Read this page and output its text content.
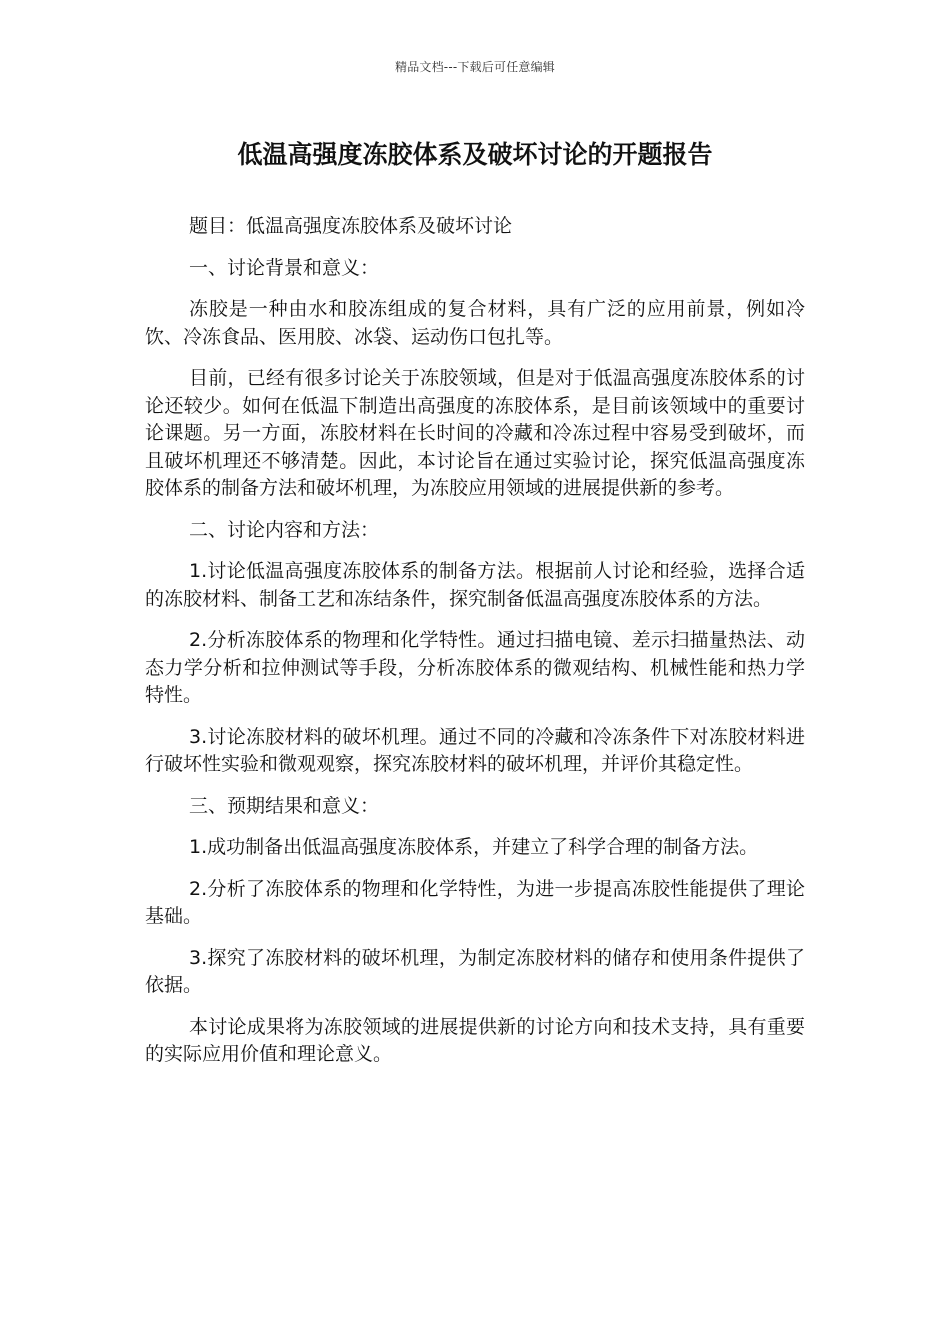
精品文档---下载后可任意编辑
低温高强度冻胶体系及破坏讨论的开题报告

题目：低温高强度冻胶体系及破坏讨论

一、讨论背景和意义：

冻胶是一种由水和胶冻组成的复合材料，具有广泛的应用前景，例如冷饮、冷冻食品、医用胶、冰袋、运动伤口包扎等。

目前，已经有很多讨论关于冻胶领域，但是对于低温高强度冻胶体系的讨论还较少。如何在低温下制造出高强度的冻胶体系，是目前该领域中的重要讨论课题。另一方面，冻胶材料在长时间的冷藏和冷冻过程中容易受到破坏，而且破坏机理还不够清楚。因此，本讨论旨在通过实验讨论，探究低温高强度冻胶体系的制备方法和破坏机理，为冻胶应用领域的进展提供新的参考。

二、讨论内容和方法：

1.讨论低温高强度冻胶体系的制备方法。根据前人讨论和经验，选择合适的冻胶材料、制备工艺和冻结条件，探究制备低温高强度冻胶体系的方法。

2.分析冻胶体系的物理和化学特性。通过扫描电镜、差示扫描量热法、动态力学分析和拉伸测试等手段，分析冻胶体系的微观结构、机械性能和热力学特性。

3.讨论冻胶材料的破坏机理。通过不同的冷藏和冷冻条件下对冻胶材料进行破坏性实验和微观观察，探究冻胶材料的破坏机理，并评价其稳定性。

三、预期结果和意义：

1.成功制备出低温高强度冻胶体系，并建立了科学合理的制备方法。

2.分析了冻胶体系的物理和化学特性，为进一步提高冻胶性能提供了理论基础。

3.探究了冻胶材料的破坏机理，为制定冻胶材料的储存和使用条件提供了依据。

本讨论成果将为冻胶领域的进展提供新的讨论方向和技术支持，具有重要的实际应用价值和理论意义。
